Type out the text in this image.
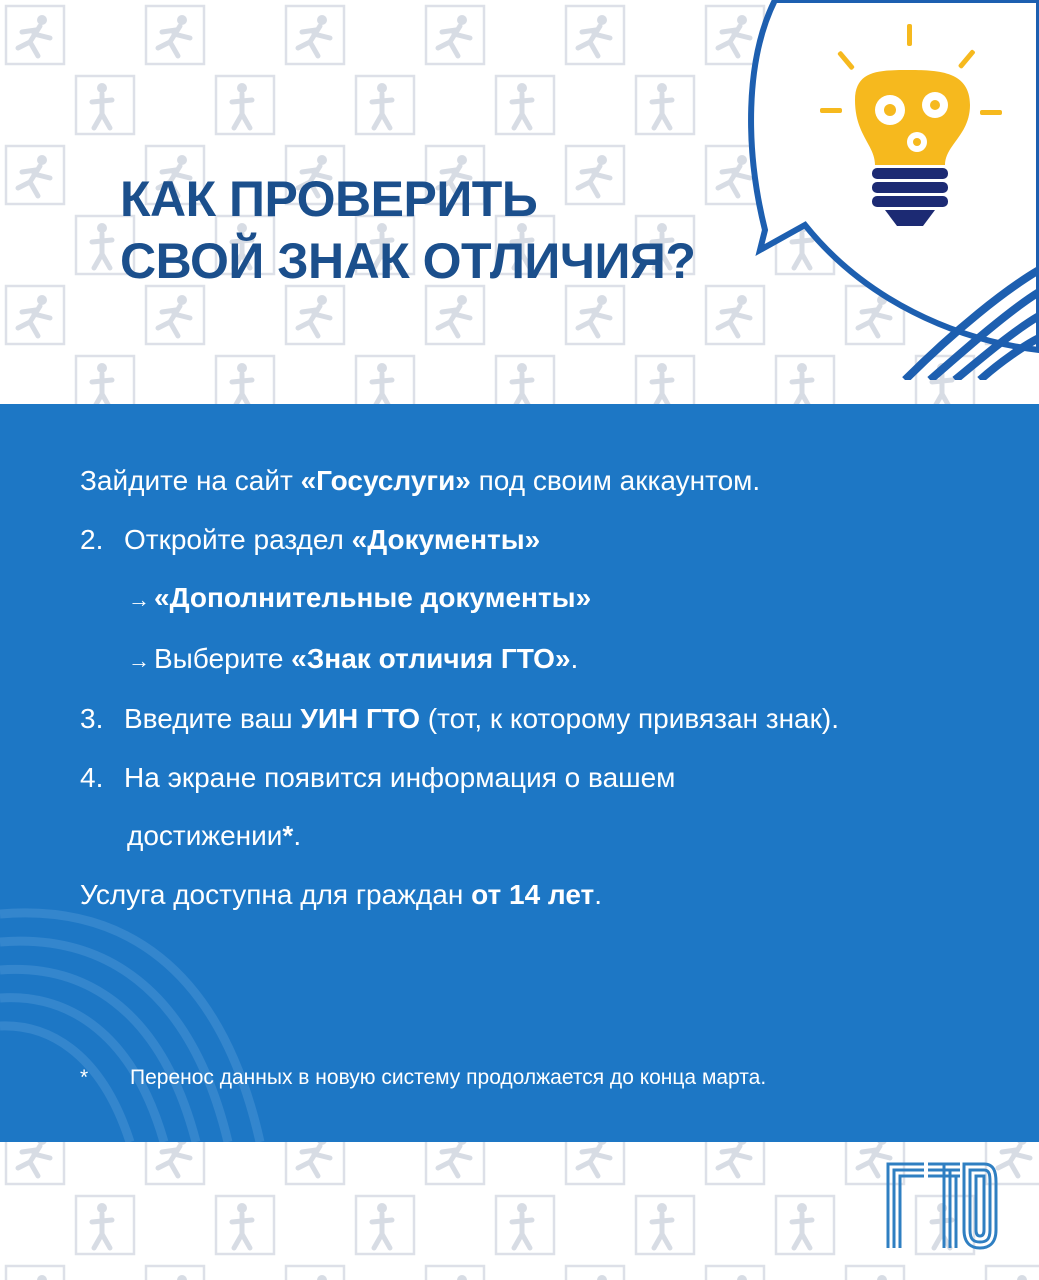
КАК ПРОВЕРИТЬ
СВОЙ ЗНАК ОТЛИЧИЯ?
Зайдите на сайт «Госуслуги» под своим аккаунтом.
2. Откройте раздел «Документы»
→ «Дополнительные документы»
→ Выберите «Знак отличия ГТО».
3. Введите ваш УИН ГТО (тот, к которому привязан знак).
4. На экране появится информация о вашем
достижении*.
Услуга доступна для граждан от 14 лет.
* Перенос данных в новую систему продолжается до конца марта.
